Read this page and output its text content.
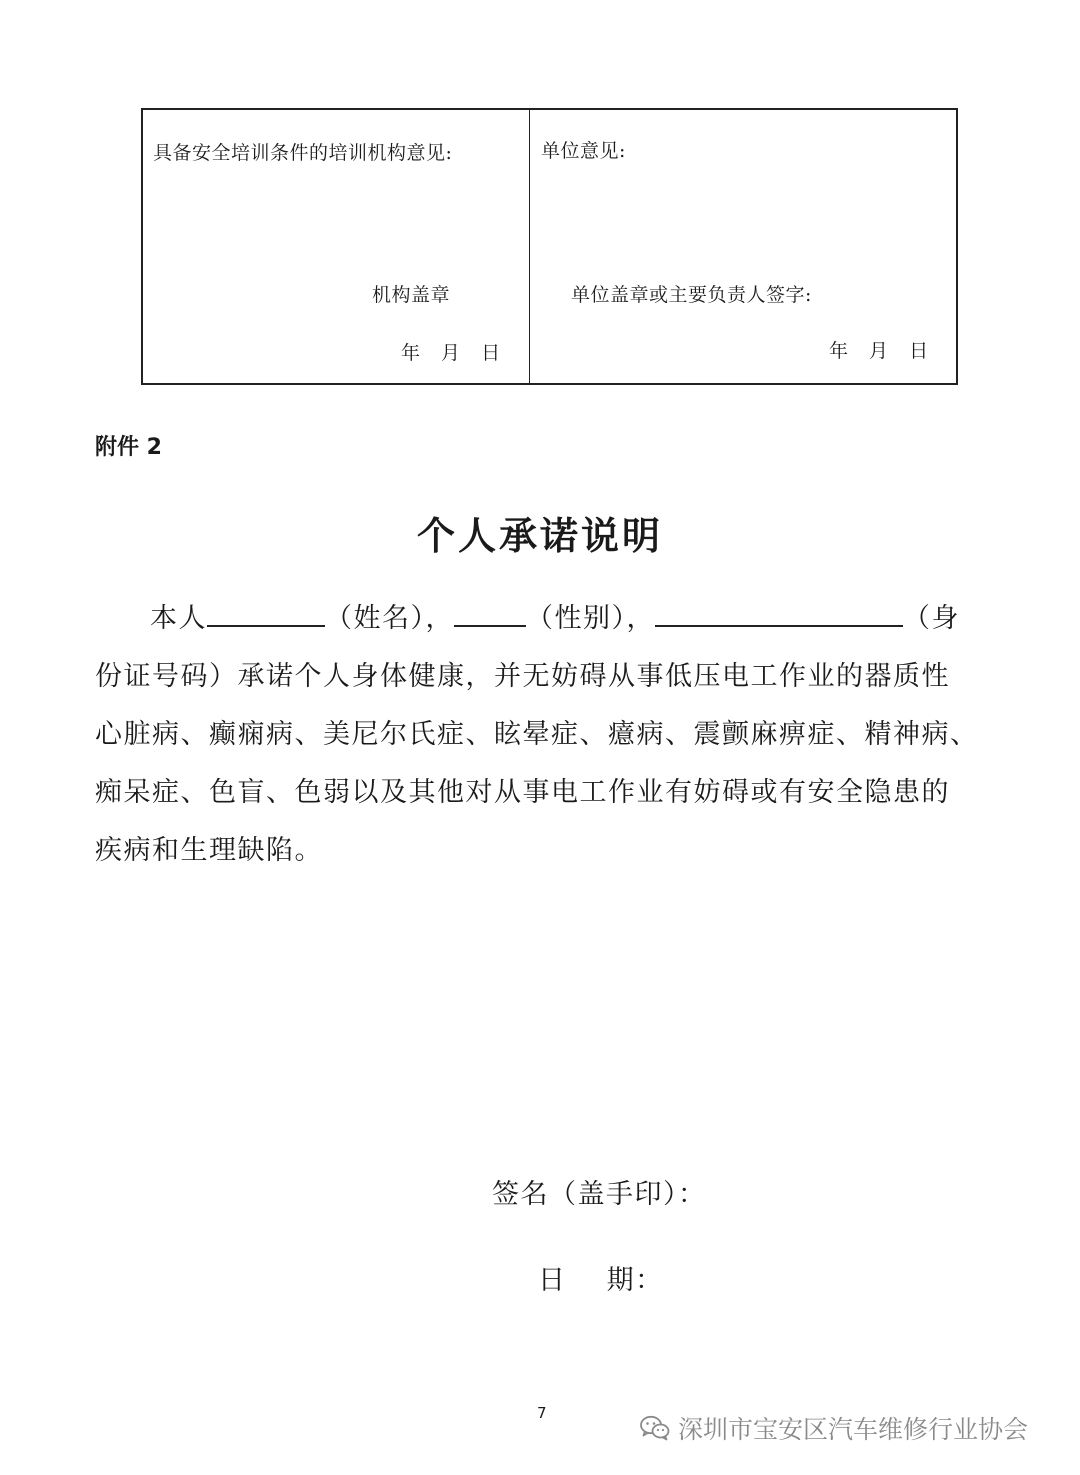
具备安全培训条件的培训机构意见:
机构盖章
年 月 日
单位意见:
单位盖章或主要负责人签字:
年 月 日
附件 2
个人承诺说明
本人	（姓名），	（性别），	（身
份证号码）承诺个人身体健康，并无妨碍从事低压电工作业的器质性
心脏病、癫痫病、美尼尔氏症、眩晕症、癔病、震颤麻痹症、精神病、
痴呆症、色盲、色弱以及其他对从事电工作业有妨碍或有安全隐患的
疾病和生理缺陷。
签名（盖手印）：
日 期：
7
深圳市宝安区汽车维修行业协会
